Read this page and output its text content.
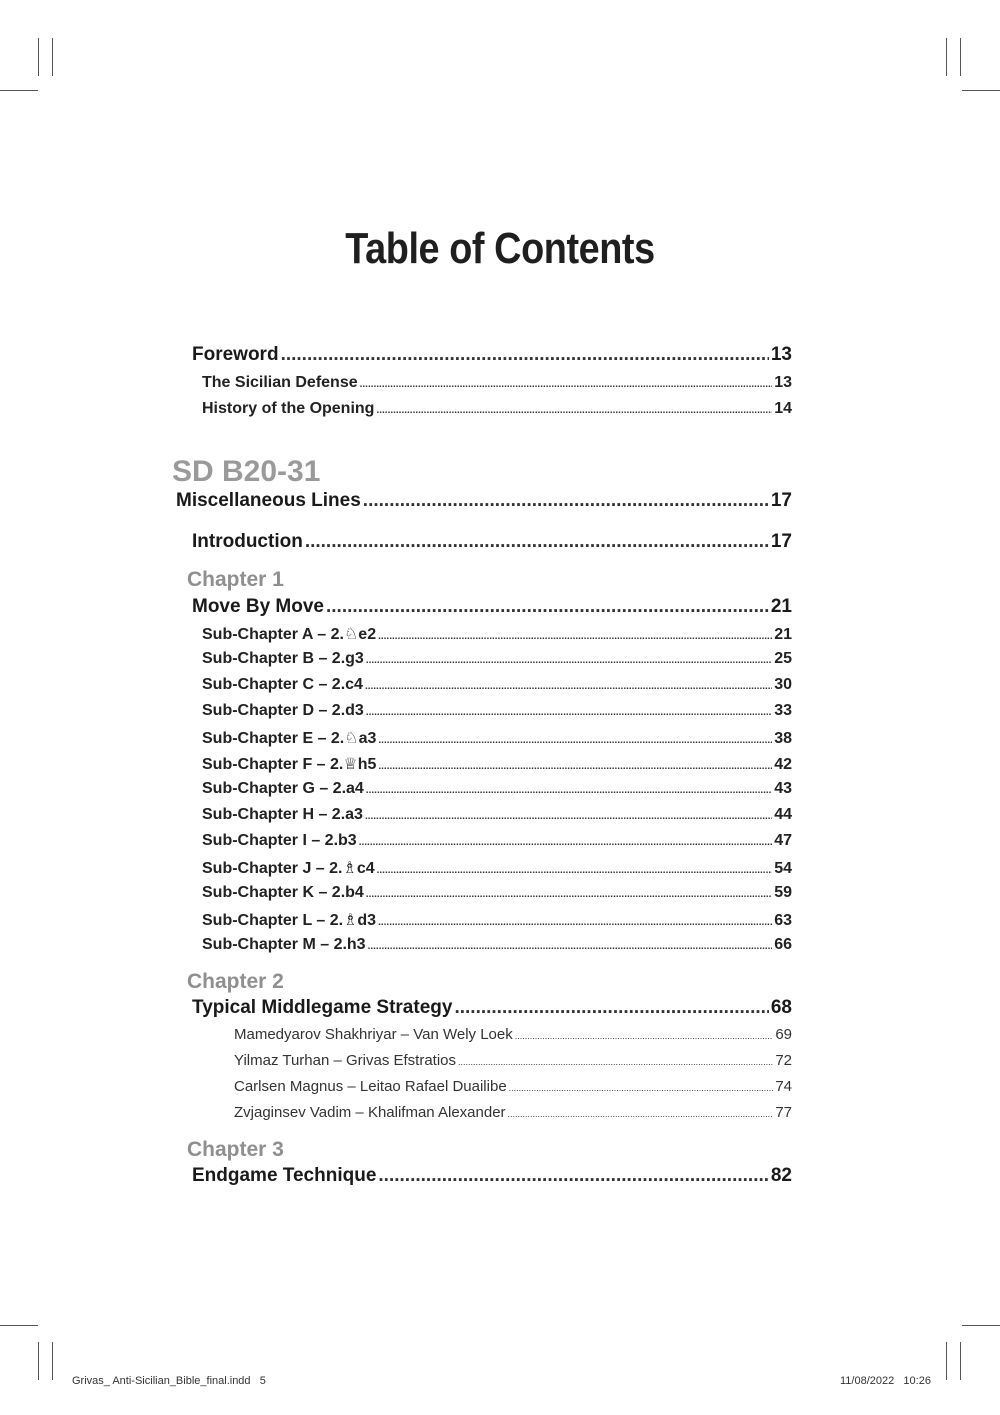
Table of Contents
Foreword .....	13
The Sicilian Defense .....	13
History of the Opening .....	14
SD B20-31
Miscellaneous Lines .....	17
Introduction .....	17
Chapter 1
Move By Move .....	21
Sub-Chapter A – 2.♘e2 .....	21
Sub-Chapter B – 2.g3 .....	25
Sub-Chapter C – 2.c4 .....	30
Sub-Chapter D – 2.d3 .....	33
Sub-Chapter E – 2.♘a3 .....	38
Sub-Chapter F – 2.♕h5 .....	42
Sub-Chapter G – 2.a4 .....	43
Sub-Chapter H – 2.a3 .....	44
Sub-Chapter I – 2.b3 .....	47
Sub-Chapter J – 2.♗c4 .....	54
Sub-Chapter K – 2.b4 .....	59
Sub-Chapter L – 2.♗d3 .....	63
Sub-Chapter M – 2.h3 .....	66
Chapter 2
Typical Middlegame Strategy .....	68
Mamedyarov Shakhriyar – Van Wely Loek .....	69
Yilmaz Turhan – Grivas Efstratios .....	72
Carlsen Magnus – Leitao Rafael Duailibe .....	74
Zvjaginsev Vadim – Khalifman Alexander .....	77
Chapter 3
Endgame Technique .....	82
Grivas_ Anti-Sicilian_Bible_final.indd   5	11/08/2022   10:26
